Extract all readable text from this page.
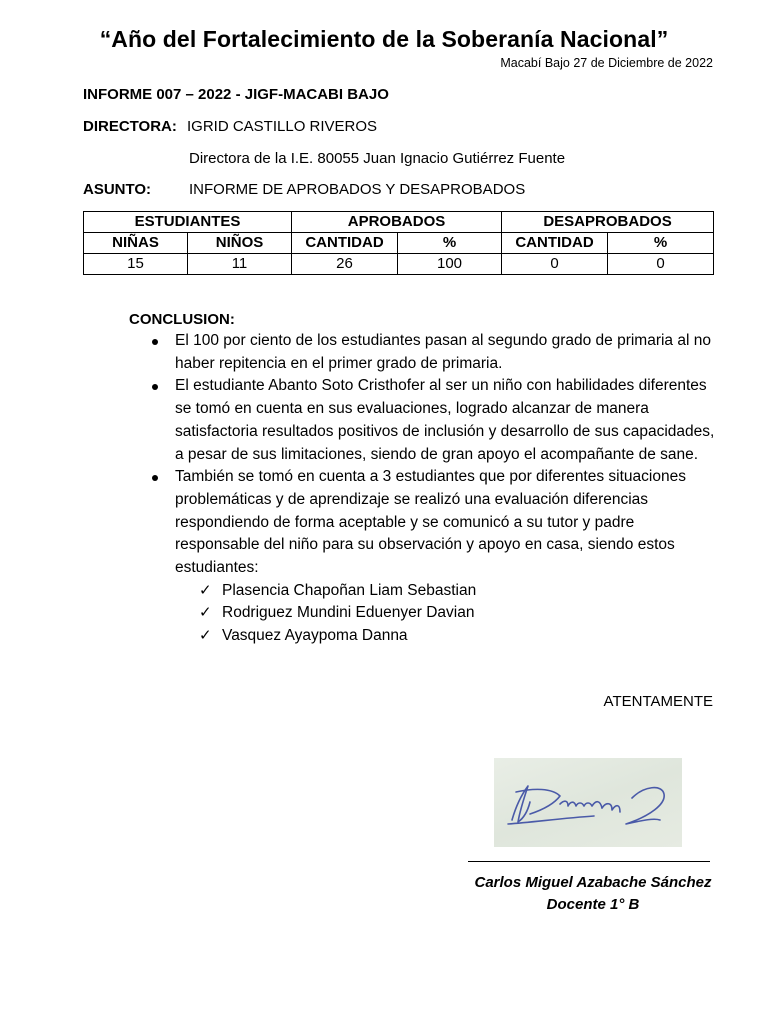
“Año del Fortalecimiento de la Soberanía Nacional”
Macabí Bajo 27 de Diciembre de 2022
INFORME 007 – 2022 - JIGF-MACABI BAJO
DIRECTORA: IGRID CASTILLO RIVEROS
Directora de la I.E. 80055 Juan Ignacio Gutiérrez Fuente
ASUNTO:	INFORME DE APROBADOS Y DESAPROBADOS
ESTUDIANTES		APROBADOS		DESAPROBADOS	
NIÑAS	NIÑOS	CANTIDAD	%	CANTIDAD	%
15	11	26	100	0	0
CONCLUSION:
El 100 por ciento de los estudiantes pasan al segundo grado de primaria al no haber repitencia en el primer grado de primaria.
El estudiante Abanto Soto Cristhofer al ser un niño con habilidades diferentes se tomó en cuenta en sus evaluaciones, logrado alcanzar de manera satisfactoria resultados positivos de inclusión y desarrollo de sus capacidades, a pesar de sus limitaciones, siendo de gran apoyo el acompañante de sane.
También se tomó en cuenta a 3 estudiantes que por diferentes situaciones problemáticas y de aprendizaje se realizó una evaluación diferencias respondiendo de forma aceptable y se comunicó a su tutor y padre responsable del niño para su observación y apoyo en casa, siendo estos estudiantes:
✓ Plasencia Chapoñan Liam Sebastian
✓ Rodriguez Mundini Eduenyer Davian
✓ Vasquez Ayaypoma Danna
ATENTAMENTE
Carlos Miguel Azabache Sánchez
Docente 1° B
